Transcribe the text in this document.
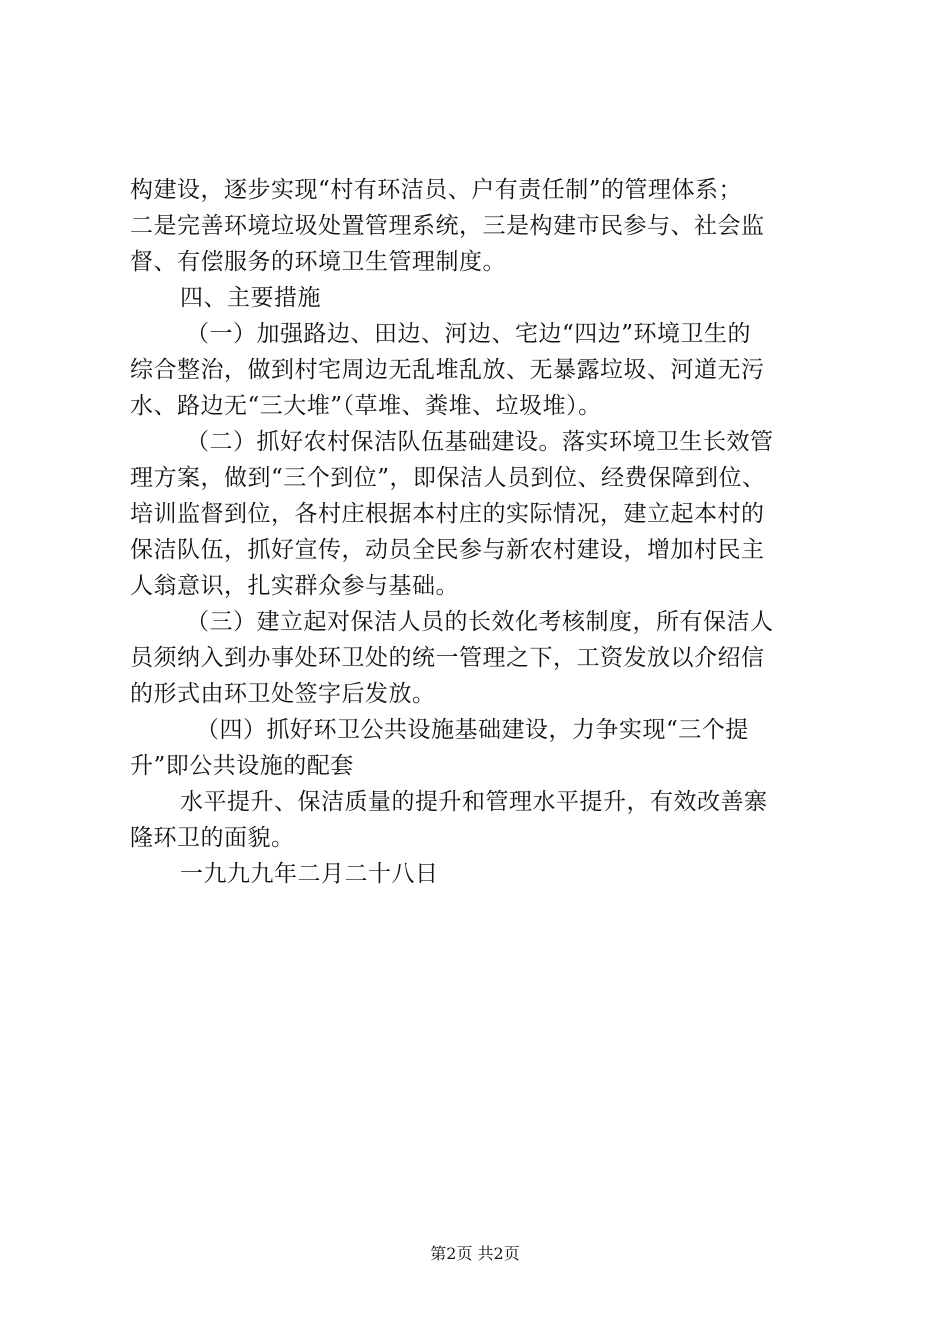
构建设，逐步实现“村有环洁员、户有责任制”的管理体系；
二是完善环境垃圾处置管理系统，三是构建市民参与、社会监
督、有偿服务的环境卫生管理制度。
四、主要措施
（一）加强路边、田边、河边、宅边“四边”环境卫生的
综合整治，做到村宅周边无乱堆乱放、无暴露垃圾、河道无污
水、路边无“三大堆”（草堆、粪堆、垃圾堆）。
（二）抓好农村保洁队伍基础建设。落实环境卫生长效管
理方案，做到“三个到位”，即保洁人员到位、经费保障到位、
培训监督到位，各村庄根据本村庄的实际情况，建立起本村的
保洁队伍，抓好宣传，动员全民参与新农村建设，增加村民主
人翁意识，扎实群众参与基础。
（三）建立起对保洁人员的长效化考核制度，所有保洁人
员须纳入到办事处环卫处的统一管理之下，工资发放以介绍信
的形式由环卫处签字后发放。
（四）抓好环卫公共设施基础建设，力争实现“三个提
升”即公共设施的配套
水平提升、保洁质量的提升和管理水平提升，有效改善寨
隆环卫的面貌。
一九九九年二月二十八日
第2页 共2页
